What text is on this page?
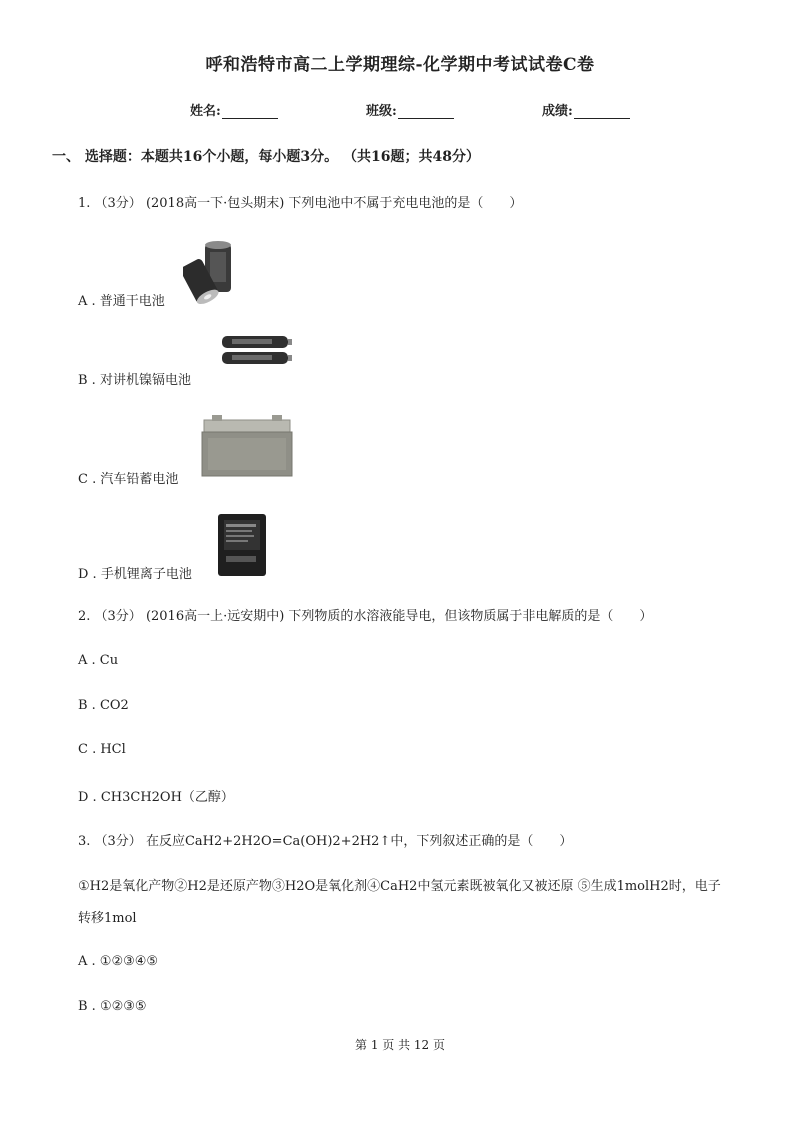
呼和浩特市高二上学期理综-化学期中考试试卷C卷
姓名:	班级:	成绩:
一、 选择题：本题共16个小题，每小题3分。 （共16题；共48分）
1. （3分） (2018高一下·包头期末) 下列电池中不属于充电电池的是（　　）
A . 普通干电池
B . 对讲机镍镉电池
C . 汽车铅蓄电池
D . 手机锂离子电池
2. （3分） (2016高一上·远安期中) 下列物质的水溶液能导电，但该物质属于非电解质的是（　　）
A . Cu
B . CO2
C . HCl
D . CH3CH2OH（乙醇）
3. （3分） 在反应CaH2+2H2O=Ca(OH)2+2H2↑中，下列叙述正确的是（　　）
①H2是氧化产物②H2是还原产物③H2O是氧化剂④CaH2中氢元素既被氧化又被还原 ⑤生成1molH2时，电子
转移1mol
A . ①②③④⑤
B . ①②③⑤
第 1 页 共 12 页
